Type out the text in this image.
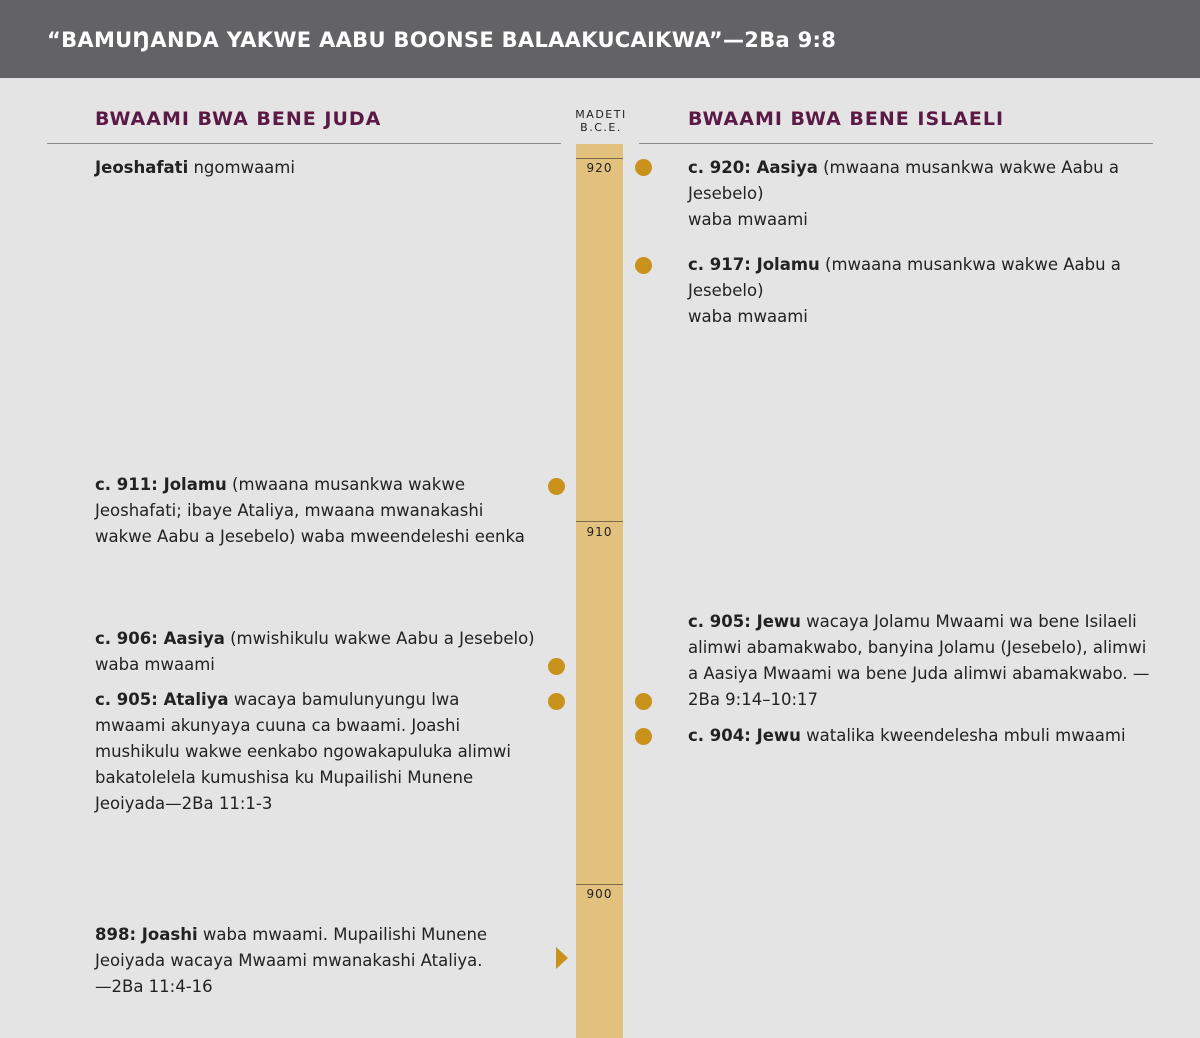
“BAMUŊANDA YAKWE AABU BOONSE BALAAKUCAIKWA”—2Ba 9:8
BWAAMI BWA BENE JUDA	BWAAMI BWA BENE ISLAELI
MADETI
B.C.E.
920
910
900
Jeoshafati ngomwaami
c. 911: Jolamu (mwaana musankwa wakwe Jeoshafati; ibaye Ataliya, mwaana mwanakashi wakwe Aabu a Jesebelo) waba mweendeleshi eenka
c. 906: Aasiya (mwishikulu wakwe Aabu a Jesebelo) waba mwaami
c. 905: Ataliya wacaya bamulunyungu lwa mwaami akunyaya cuuna ca bwaami. Joashi mushikulu wakwe eenkabo ngowakapuluka alimwi bakatolelela kumushisa ku Mupailishi Munene Jeoiyada—2Ba 11:1-3
898: Joashi waba mwaami. Mupailishi Munene Jeoiyada wacaya Mwaami mwanakashi Ataliya. —2Ba 11:4-16
c. 920: Aasiya (mwaana musankwa wakwe Aabu a Jesebelo)
waba mwaami
c. 917: Jolamu (mwaana musankwa wakwe Aabu a Jesebelo)
waba mwaami
c. 905: Jewu wacaya Jolamu Mwaami wa bene Isilaeli alimwi abamakwabo, banyina Jolamu (Jesebelo), alimwi a Aasiya Mwaami wa bene Juda alimwi abamakwabo. —2Ba 9:14–10:17
c. 904: Jewu watalika kweendelesha mbuli mwaami
